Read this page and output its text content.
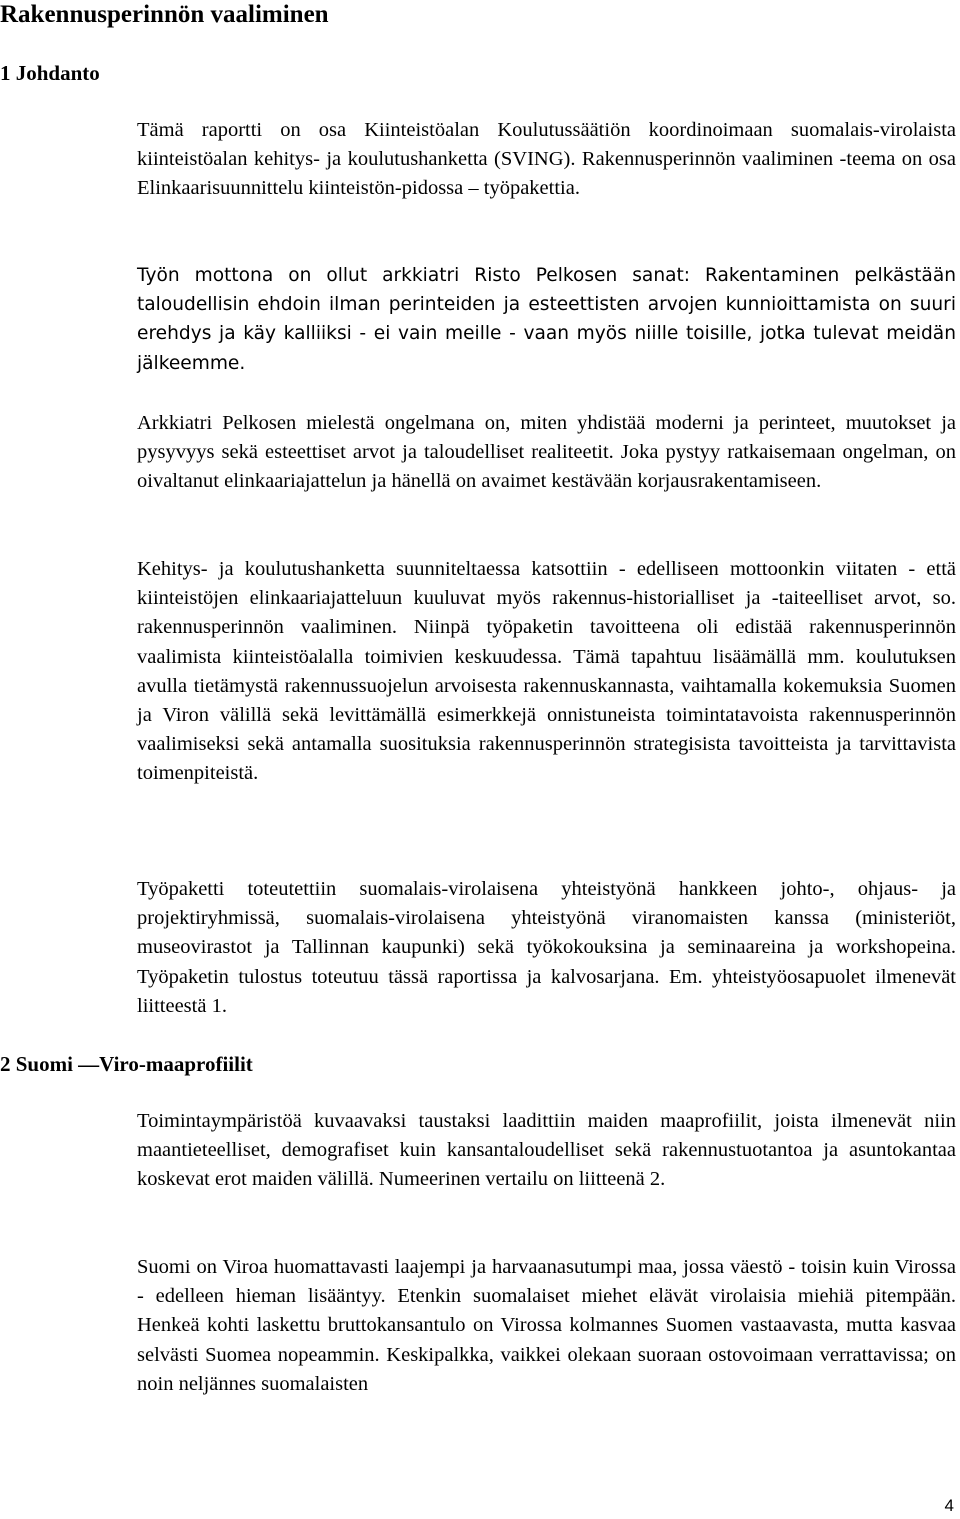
Rakennusperinnön vaaliminen
1 Johdanto

Tämä raportti on osa Kiinteistöalan Koulutussäätiön koordinoimaan suomalais-virolaista kiinteistöalan kehitys- ja koulutushanketta (SVING). Rakennusperinnön vaaliminen -teema on osa Elinkaarisuunnittelu kiinteistön-pidossa – työpakettia.

Työn mottona on ollut arkkiatri Risto Pelkosen sanat: Rakentaminen pelkästään taloudellisin ehdoin ilman perinteiden ja esteettisten arvojen kunnioittamista on suuri erehdys ja käy kalliiksi - ei vain meille - vaan myös niille toisille, jotka tulevat meidän jälkeemme.

Arkkiatri Pelkosen mielestä ongelmana on, miten yhdistää moderni ja perinteet, muutokset ja pysyvyys sekä esteettiset arvot ja taloudelliset realiteetit. Joka pystyy ratkaisemaan ongelman, on oivaltanut elinkaariajattelun ja hänellä on avaimet kestävään korjausrakentamiseen.

Kehitys- ja koulutushanketta suunniteltaessa katsottiin - edelliseen mottoonkin viitaten - että kiinteistöjen elinkaariajatteluun kuuluvat myös rakennus-historialliset ja -taiteelliset arvot, so. rakennusperinnön vaaliminen. Niinpä työpaketin tavoitteena oli edistää rakennusperinnön vaalimista kiinteistöalalla toimivien keskuudessa. Tämä tapahtuu lisäämällä mm. koulutuksen avulla tietämystä rakennussuojelun arvoisesta rakennuskannasta, vaihtamalla kokemuksia Suomen ja Viron välillä sekä levittämällä esimerkkejä onnistuneista toimintatavoista rakennusperinnön vaalimiseksi sekä antamalla suosituksia rakennusperinnön strategisista tavoitteista ja tarvittavista toimenpiteistä.

Työpaketti toteutettiin suomalais-virolaisena yhteistyönä hankkeen johto-, ohjaus- ja projektiryhmissä, suomalais-virolaisena yhteistyönä viranomaisten kanssa (ministeriöt, museovirastot ja Tallinnan kaupunki) sekä työkokouksina ja seminaareina ja workshopeina. Työpaketin tulostus toteutuu tässä raportissa ja kalvosarjana. Em. yhteistyöosapuolet ilmenevät liitteestä 1.

2 Suomi —Viro-maaprofiilit

Toimintaympäristöä kuvaavaksi taustaksi laadittiin maiden maaprofiilit, joista ilmenevät niin maantieteelliset, demografiset kuin kansantaloudelliset sekä rakennustuotantoa ja asuntokantaa koskevat erot maiden välillä. Numeerinen vertailu on liitteenä 2.

Suomi on Viroa huomattavasti laajempi ja harvaanasutumpi maa, jossa väestö - toisin kuin Virossa - edelleen hieman lisääntyy. Etenkin suomalaiset miehet elävät virolaisia miehiä pitempään. Henkeä kohti laskettu bruttokansantulo on Virossa kolmannes Suomen vastaavasta, mutta kasvaa selvästi Suomea nopeammin. Keskipalkka, vaikkei olekaan suoraan ostovoimaan verrattavissa; on noin neljännes suomalaisten

4
